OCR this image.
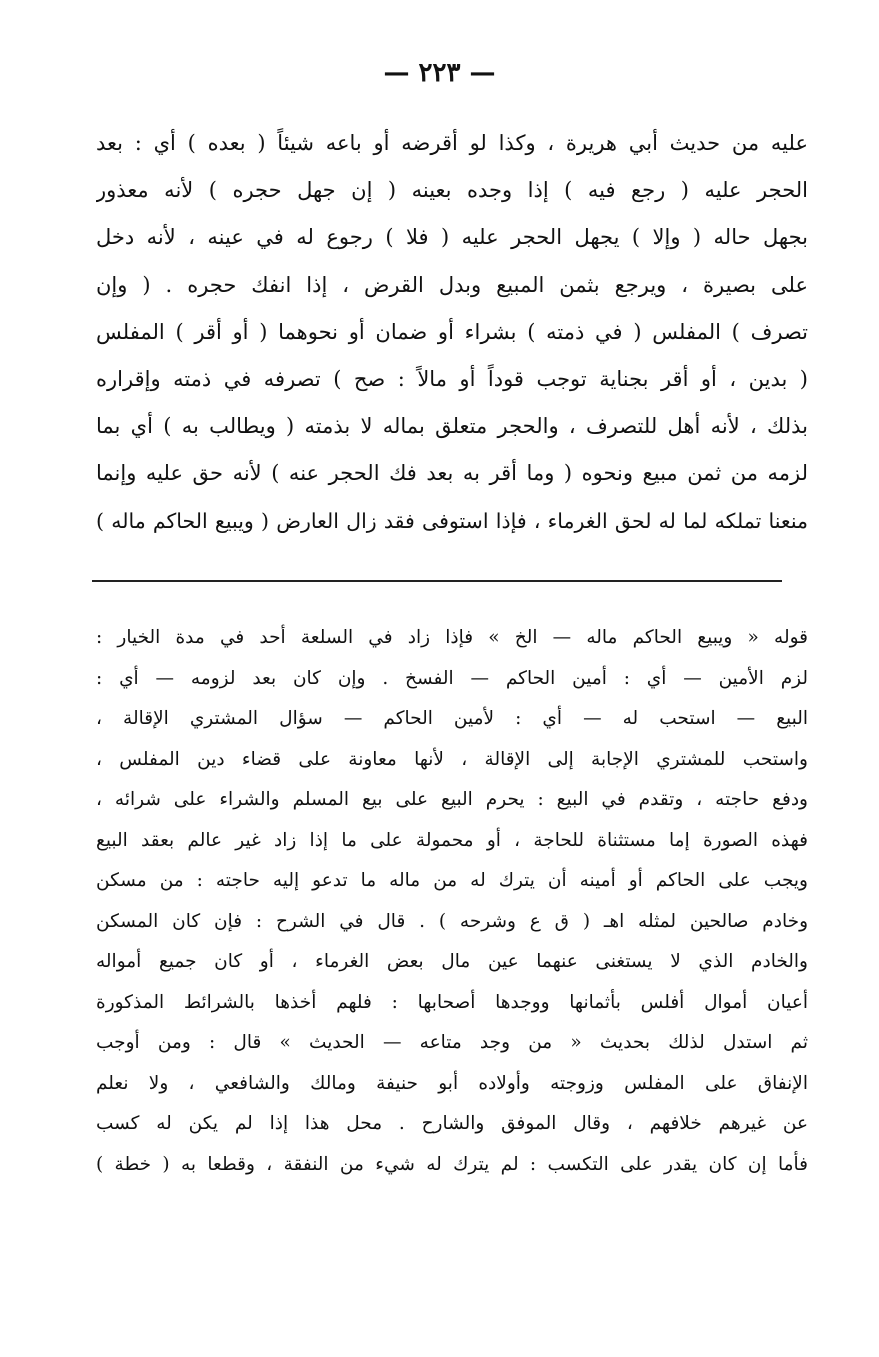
— ٢٢٣ —
عليه من حديث أبي هريرة ، وكذا لو أقرضه أو باعه شيئاً ( بعده ) أي : بعد
الحجر عليه ( رجع فيه ) إذا وجده بعينه ( إن جهل حجره ) لأنه معذور
بجهل حاله ( وإلا ) يجهل الحجر عليه ( فلا ) رجوع له في عينه ، لأنه دخل
على بصيرة ، ويرجع بثمن المبيع وبدل القرض ، إذا انفك حجره . ( وإن
تصرف ) المفلس ( في ذمته ) بشراء أو ضمان أو نحوهما ( أو أقر ) المفلس
( بدين ، أو أقر بجناية توجب قوداً أو مالاً : صح ) تصرفه في ذمته وإقراره
بذلك ، لأنه أهل للتصرف ، والحجر متعلق بماله لا بذمته ( ويطالب به ) أي بما
لزمه من ثمن مبيع ونحوه ( وما أقر به بعد فك الحجر عنه ) لأنه حق عليه وإنما
منعنا تملكه لما له لحق الغرماء ، فإذا استوفى فقد زال العارض ( ويبيع الحاكم ماله )
قوله « ويبيع الحاكم ماله — الخ » فإذا زاد في السلعة أحد في مدة الخيار :
لزم الأمين — أي : أمين الحاكم — الفسخ . وإن كان بعد لزومه — أي :
البيع — استحب له — أي : لأمين الحاكم — سؤال المشتري الإقالة ،
واستحب للمشتري الإجابة إلى الإقالة ، لأنها معاونة على قضاء دين المفلس ،
ودفع حاجته ، وتقدم في البيع : يحرم البيع على بيع المسلم والشراء على شرائه ،
فهذه الصورة إما مستثناة للحاجة ، أو محمولة على ما إذا زاد غير عالم بعقد البيع
ويجب على الحاكم أو أمينه أن يترك له من ماله ما تدعو إليه حاجته : من مسكن
وخادم صالحين لمثله اهـ ( ق ع وشرحه ) . قال في الشرح : فإن كان المسكن
والخادم الذي لا يستغنى عنهما عين مال بعض الغرماء ، أو كان جميع أمواله
أعيان أموال أفلس بأثمانها ووجدها أصحابها : فلهم أخذها بالشرائط المذكورة
ثم استدل لذلك بحديث « من وجد متاعه — الحديث » قال : ومن أوجب
الإنفاق على المفلس وزوجته وأولاده أبو حنيفة ومالك والشافعي ، ولا نعلم
عن غيرهم خلافهم ، وقال الموفق والشارح . محل هذا إذا لم يكن له كسب
فأما إن كان يقدر على التكسب : لم يترك له شيء من النفقة ، وقطعا به ( خطة )
